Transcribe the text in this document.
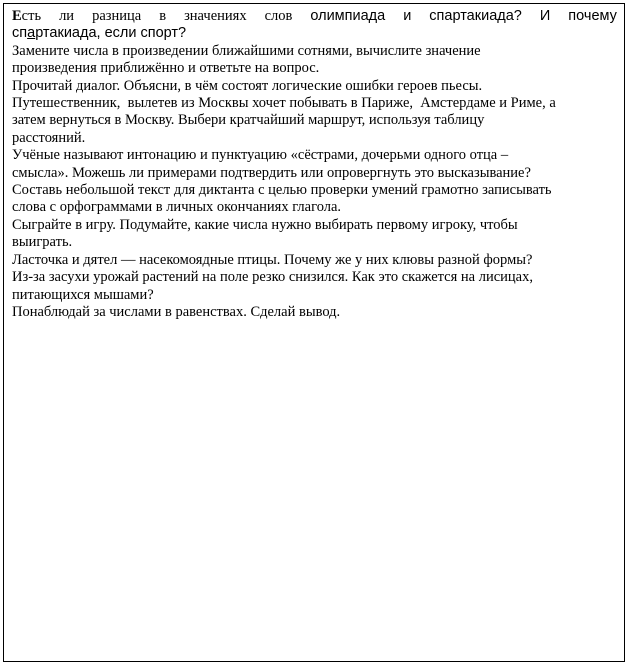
Есть ли разница в значениях слов олимпиада и спартакиада? И почему
спартакиада, если спорт?
Замените числа в произведении ближайшими сотнями, вычислите значение
произведения приближённо и ответьте на вопрос.
Прочитай диалог. Объясни, в чём состоят логические ошибки героев пьесы.
Путешественник,  вылетев из Москвы хочет побывать в Париже,  Амстердаме и Риме, а
затем вернуться в Москву. Выбери кратчайший маршрут, используя таблицу
расстояний.
Учёные называют интонацию и пунктуацию «сёстрами, дочерьми одного отца –
смысла». Можешь ли примерами подтвердить или опровергнуть это высказывание?
Составь небольшой текст для диктанта с целью проверки умений грамотно записывать
слова с орфограммами в личных окончаниях глагола.
Сыграйте в игру. Подумайте, какие числа нужно выбирать первому игроку, чтобы
выиграть.
Ласточка и дятел — насекомоядные птицы. Почему же у них клювы разной формы?
Из-за засухи урожай растений на поле резко снизился. Как это скажется на лисицах,
питающихся мышами?
Понаблюдай за числами в равенствах. Сделай вывод.
